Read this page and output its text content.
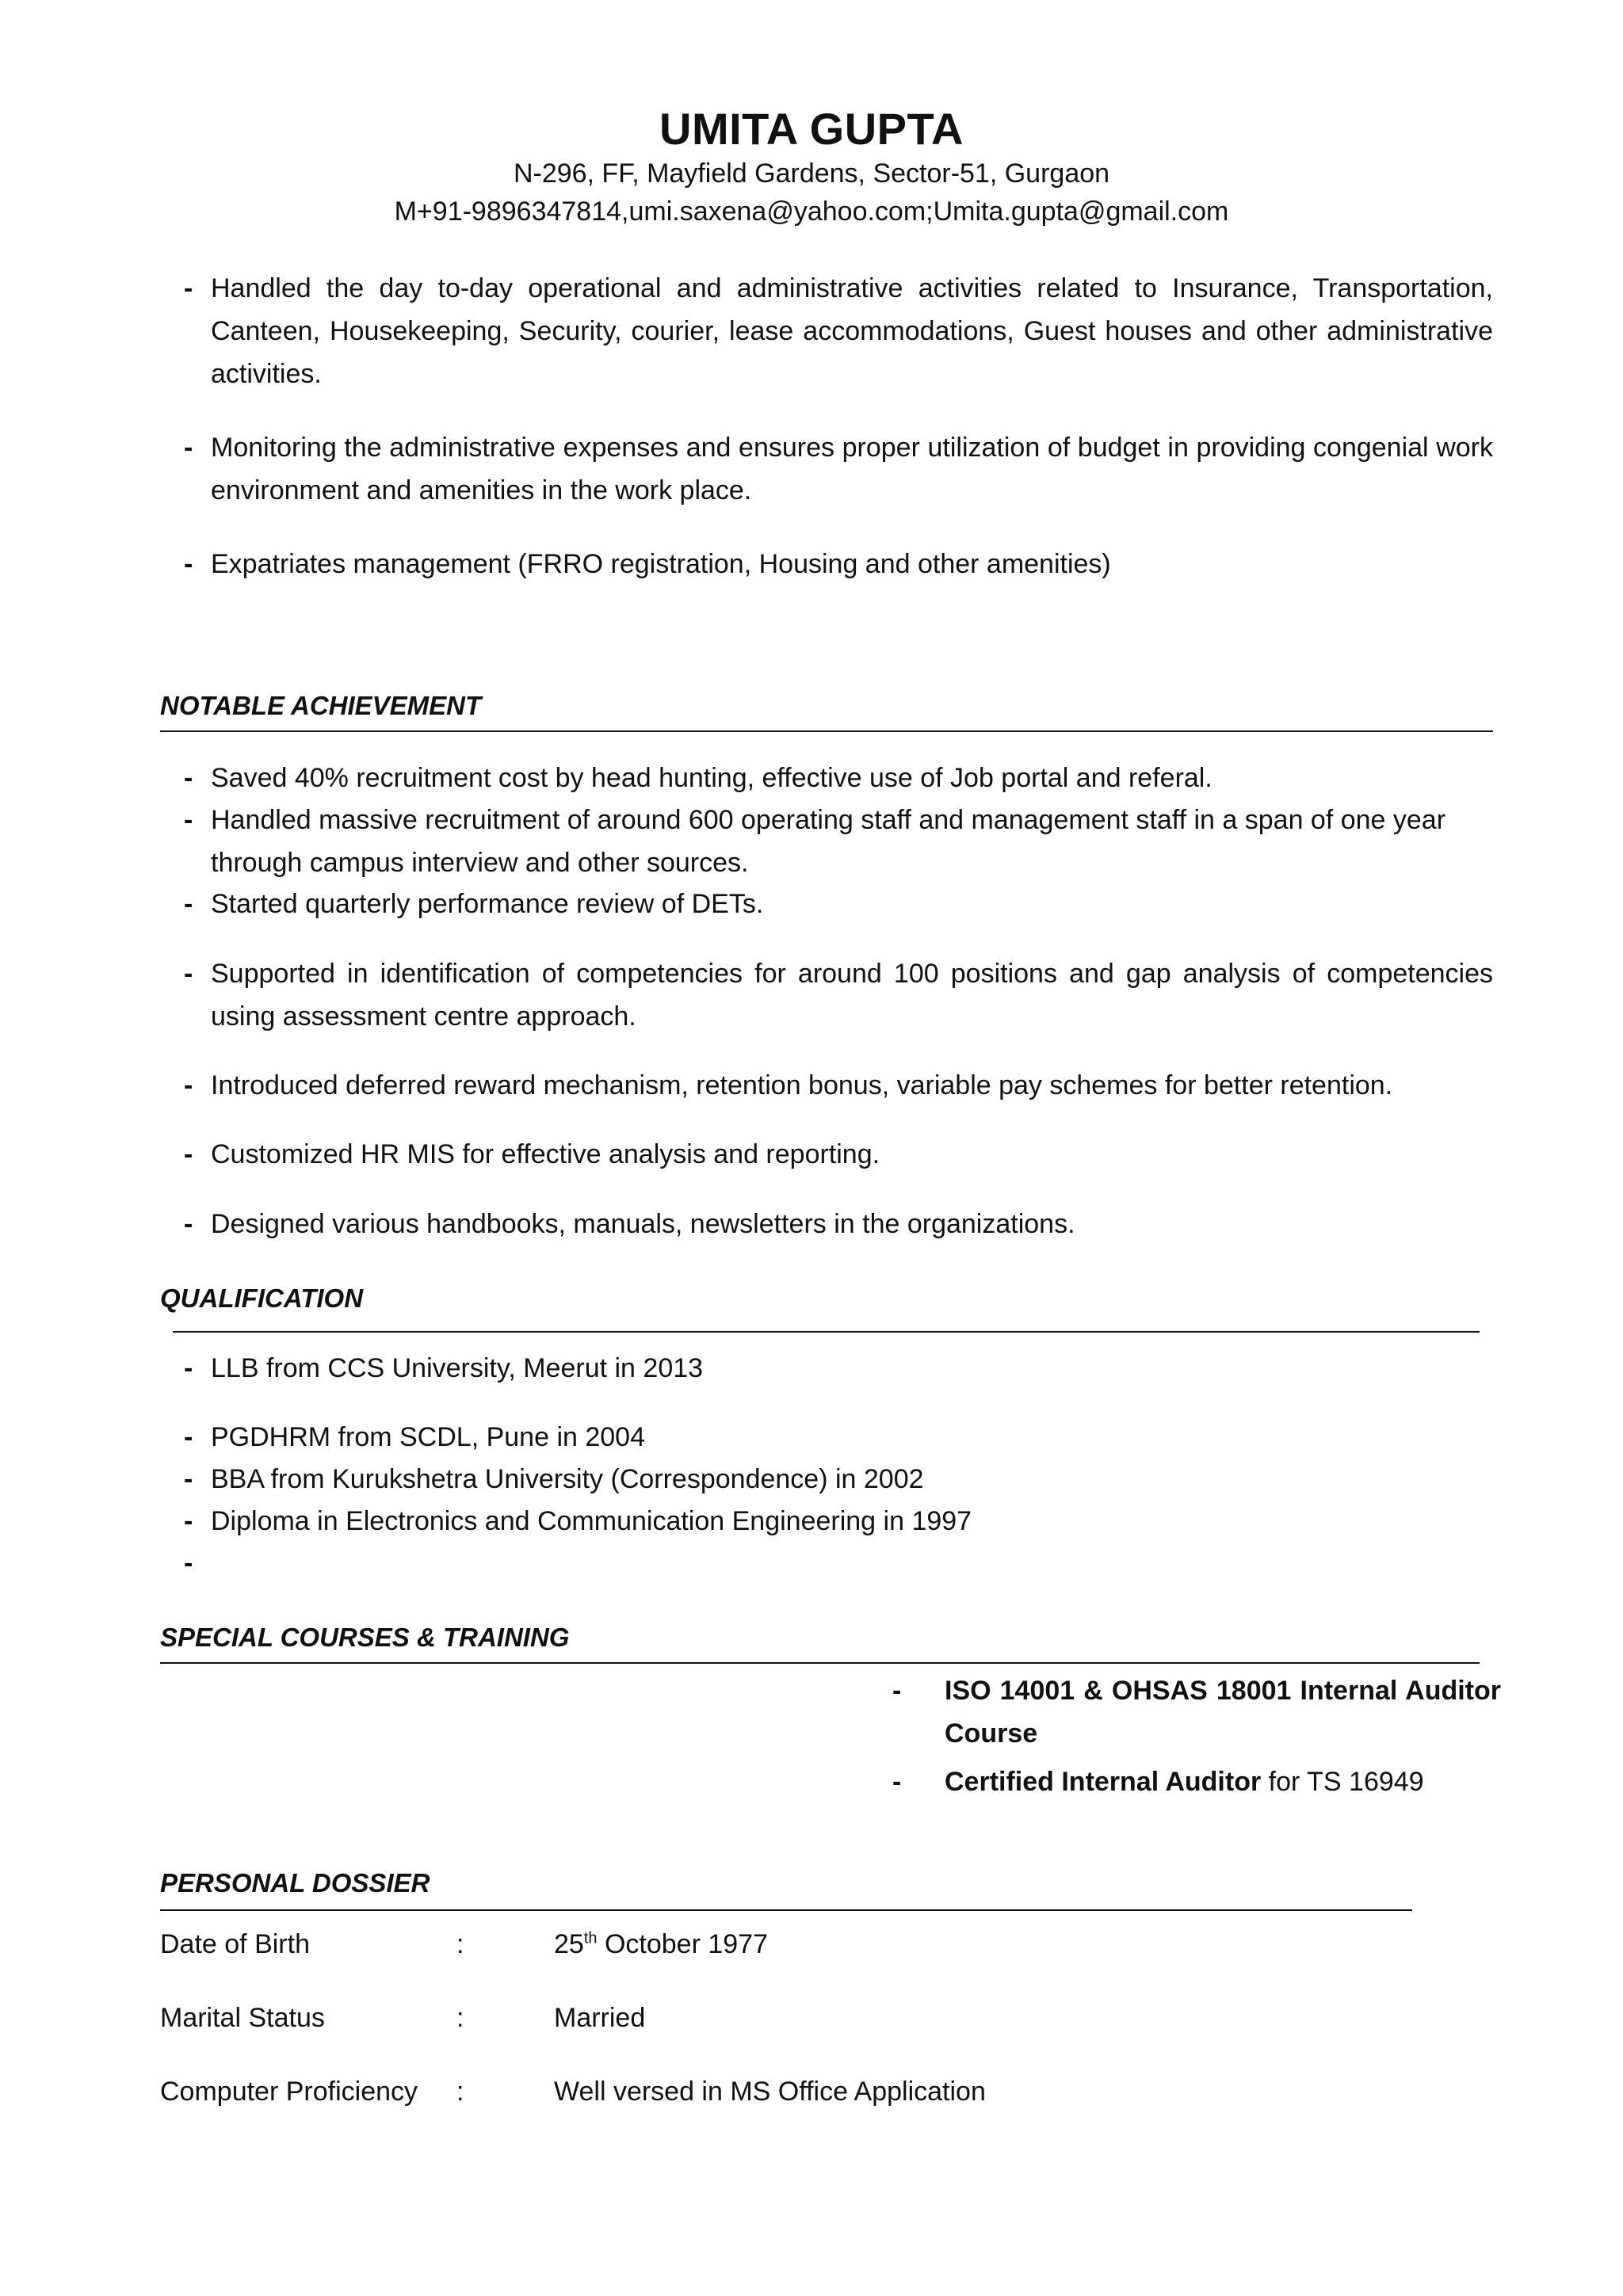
UMITA GUPTA
N-296, FF, Mayfield Gardens, Sector-51, Gurgaon
M+91-9896347814,umi.saxena@yahoo.com;Umita.gupta@gmail.com
- Handled the day to-day operational and administrative activities related to Insurance, Transportation, Canteen, Housekeeping, Security, courier, lease accommodations, Guest houses and other administrative activities.
- Monitoring the administrative expenses and ensures proper utilization of budget in providing congenial work environment and amenities in the work place.
- Expatriates management (FRRO registration, Housing and other amenities)
NOTABLE ACHIEVEMENT
- Saved 40% recruitment cost by head hunting, effective use of Job portal and referal.
- Handled massive recruitment of around 600 operating staff and management staff in a span of one year through campus interview and other sources.
- Started quarterly performance review of DETs.
- Supported in identification of competencies for around 100 positions and gap analysis of competencies using assessment centre approach.
- Introduced deferred reward mechanism, retention bonus, variable pay schemes for better retention.
- Customized HR MIS for effective analysis and reporting.
- Designed various handbooks, manuals, newsletters in the organizations.
QUALIFICATION
- LLB from CCS University, Meerut in 2013
- PGDHRM from SCDL, Pune in 2004
- BBA from Kurukshetra University (Correspondence) in 2002
- Diploma in Electronics and Communication Engineering in 1997
-
SPECIAL COURSES & TRAINING
-	ISO 14001 & OHSAS 18001 Internal Auditor Course
-	Certified Internal Auditor for TS 16949
PERSONAL DOSSIER
Date of Birth	:	25th October 1977
Marital Status	:	Married
Computer Proficiency :	Well versed in MS Office Application
